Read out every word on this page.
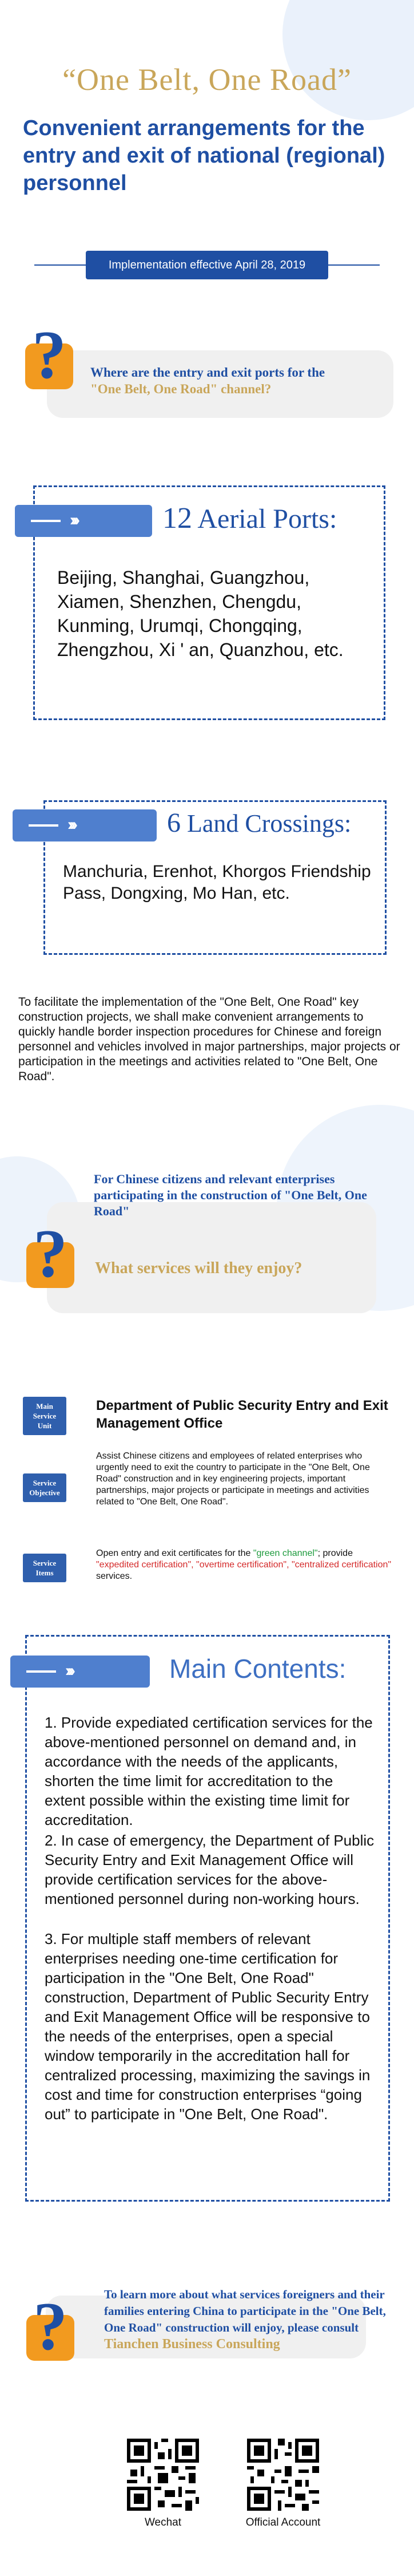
“One Belt, One Road”
Convenient arrangements for the entry and exit of national (regional) personnel
Implementation effective April 28, 2019
? Where are the entry and exit ports for the
"One Belt, One Road" channel?
›››	12 Aerial Ports:
Beijing, Shanghai, Guangzhou, Xiamen, Shenzhen, Chengdu, Kunming, Urumqi, Chongqing, Zhengzhou, Xi ' an, Quanzhou, etc.
›››	6 Land Crossings:
Manchuria, Erenhot, Khorgos Friendship Pass, Dongxing, Mo Han, etc.
To facilitate the implementation of the "One Belt, One Road" key construction projects, we shall make convenient arrangements to quickly handle border inspection procedures for Chinese and foreign personnel and vehicles involved in major partnerships, major projects or participation in the meetings and activities related to "One Belt, One Road".
?
For Chinese citizens and relevant enterprises participating in the construction of "One Belt, One Road"
What services will they enjoy?
Main Service Unit
Department of Public Security Entry and Exit Management Office
Service Objective
Assist Chinese citizens and employees of related enterprises who urgently need to exit the country to participate in the "One Belt, One Road" construction and in key engineering projects, important partnerships, major projects or participate in meetings and activities related to "One Belt, One Road".
Service Items
Open entry and exit certificates for the "green channel"; provide "expedited certification", "overtime certification", "centralized certification" services.
›››	Main Contents:
1. Provide expediated certification services for the above-mentioned personnel on demand and, in accordance with the needs of the applicants, shorten the time limit for accreditation to the extent possible within the existing time limit for accreditation.
2. In case of emergency, the Department of Public Security Entry and Exit Management Office will provide certification services for the above-mentioned personnel during non-working hours.
3. For multiple staff members of relevant enterprises needing one-time certification for participation in the "One Belt, One Road" construction, Department of Public Security Entry and Exit Management Office will be responsive to the needs of the enterprises, open a special window temporarily in the accreditation hall for centralized processing, maximizing the savings in cost and time for construction enterprises “going out” to participate in "One Belt, One Road".
?	To learn more about what services foreigners and their families entering China to participate in the "One Belt, One Road" construction will enjoy, please consult
Tianchen Business Consulting
Wechat	Official Account
